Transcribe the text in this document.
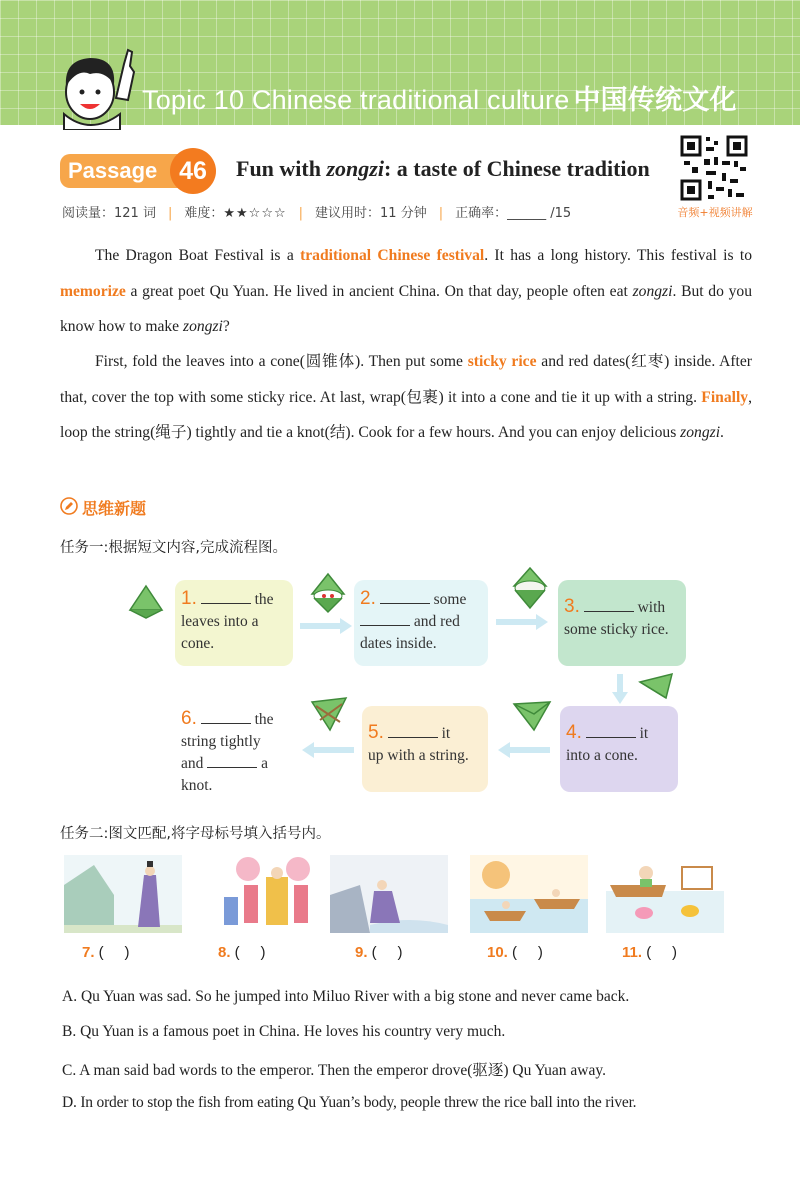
Topic 10 Chinese traditional culture 中国传统文化
Passage 46	Fun with zongzi: a taste of Chinese tradition
音频+视频讲解
阅读量：121 词 | 难度：★★☆☆☆ | 建议用时：11 分钟 | 正确率：______ /15
The Dragon Boat Festival is a traditional Chinese festival. It has a long history. This festival is to memorize a great poet Qu Yuan. He lived in ancient China. On that day, people often eat zongzi. But do you know how to make zongzi?
First, fold the leaves into a cone(圆锥体). Then put some sticky rice and red dates(红枣) inside. After that, cover the top with some sticky rice. At last, wrap(包裹) it into a cone and tie it up with a string. Finally, loop the string(绳子) tightly and tie a knot(结). Cook for a few hours. And you can enjoy delicious zongzi.
思维新题
任务一:根据短文内容,完成流程图。
1.	the
leaves into a
cone.
2.	some
and red
dates inside.
3.	with
some sticky rice.
4.	it
into a cone.
5.	it
up with a string.
6.	the
string tightly
and	a
knot.
任务二:图文匹配,将字母标号填入括号内。
7. (     )	8. (     )	9. (     )	10. (     )	11. (     )
A. Qu Yuan was sad. So he jumped into Miluo River with a big stone and never came back.
B. Qu Yuan is a famous poet in China. He loves his country very much.
C. A man said bad words to the emperor. Then the emperor drove(驱逐) Qu Yuan away.
D. In order to stop the fish from eating Qu Yuan’s body, people threw the rice ball into the river.
